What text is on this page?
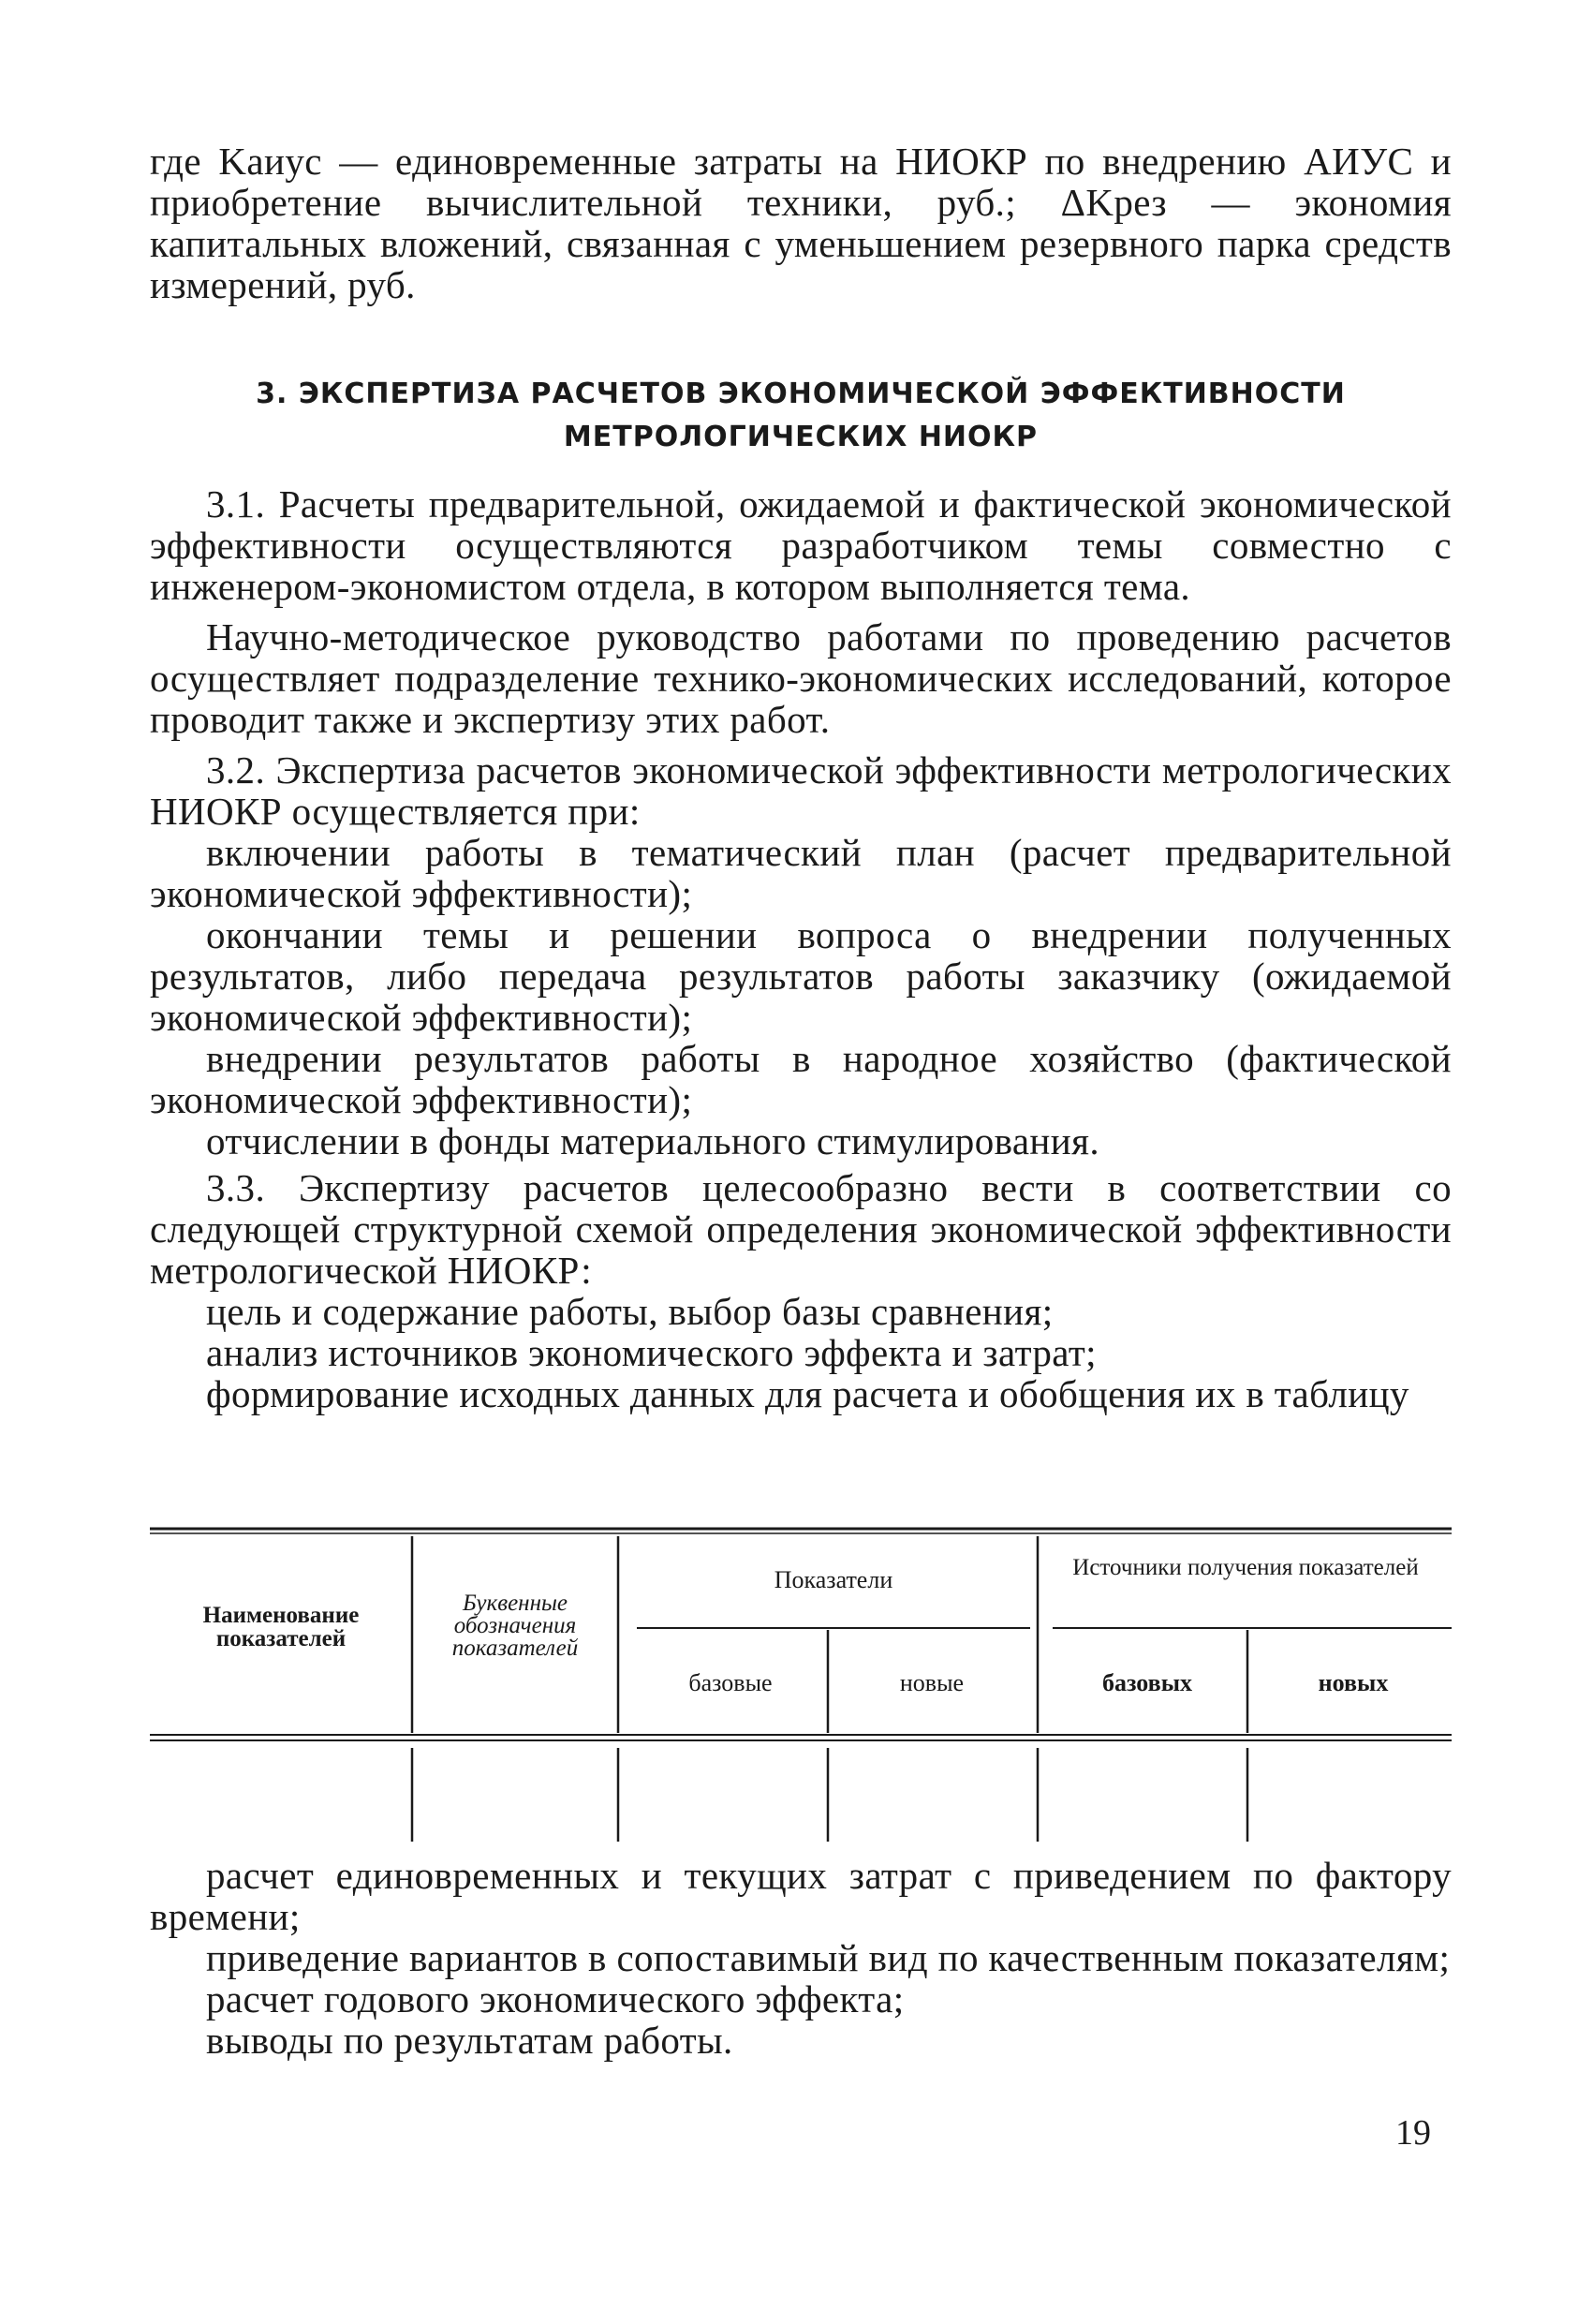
где Kаиус — единовременные затраты на НИОКР по внедрению АИУС и приобретение вычислительной техники, руб.; ΔKрез — экономия капитальных вложений, связанная с уменьшением резервного парка средств измерений, руб.

3. ЭКСПЕРТИЗА РАСЧЕТОВ ЭКОНОМИЧЕСКОЙ ЭФФЕКТИВНОСТИ
МЕТРОЛОГИЧЕСКИХ НИОКР

3.1. Расчеты предварительной, ожидаемой и фактической экономической эффективности осуществляются разработчиком темы совместно с инженером-экономистом отдела, в котором выполняется тема.

Научно-методическое руководство работами по проведению расчетов осуществляет подразделение технико-экономических исследований, которое проводит также и экспертизу этих работ.

3.2. Экспертиза расчетов экономической эффективности метрологических НИОКР осуществляется при:

включении работы в тематический план (расчет предварительной экономической эффективности);

окончании темы и решении вопроса о внедрении полученных результатов, либо передача результатов работы заказчику (ожидаемой экономической эффективности);

внедрении результатов работы в народное хозяйство (фактической экономической эффективности);

отчислении в фонды материального стимулирования.

3.3. Экспертизу расчетов целесообразно вести в соответствии со следующей структурной схемой определения экономической эффективности метрологической НИОКР:

цель и содержание работы, выбор базы сравнения;

анализ источников экономического эффекта и затрат;

формирование исходных данных для расчета и обобщения их в таблицу

Наименование показателей
Буквенные обозначения показателей
Показатели
базовые	новые
Источники получения показателей
базовых	новых

расчет единовременных и текущих затрат с приведением по фактору времени;

приведение вариантов в сопоставимый вид по качественным показателям;

расчет годового экономического эффекта;

выводы по результатам работы.

19
